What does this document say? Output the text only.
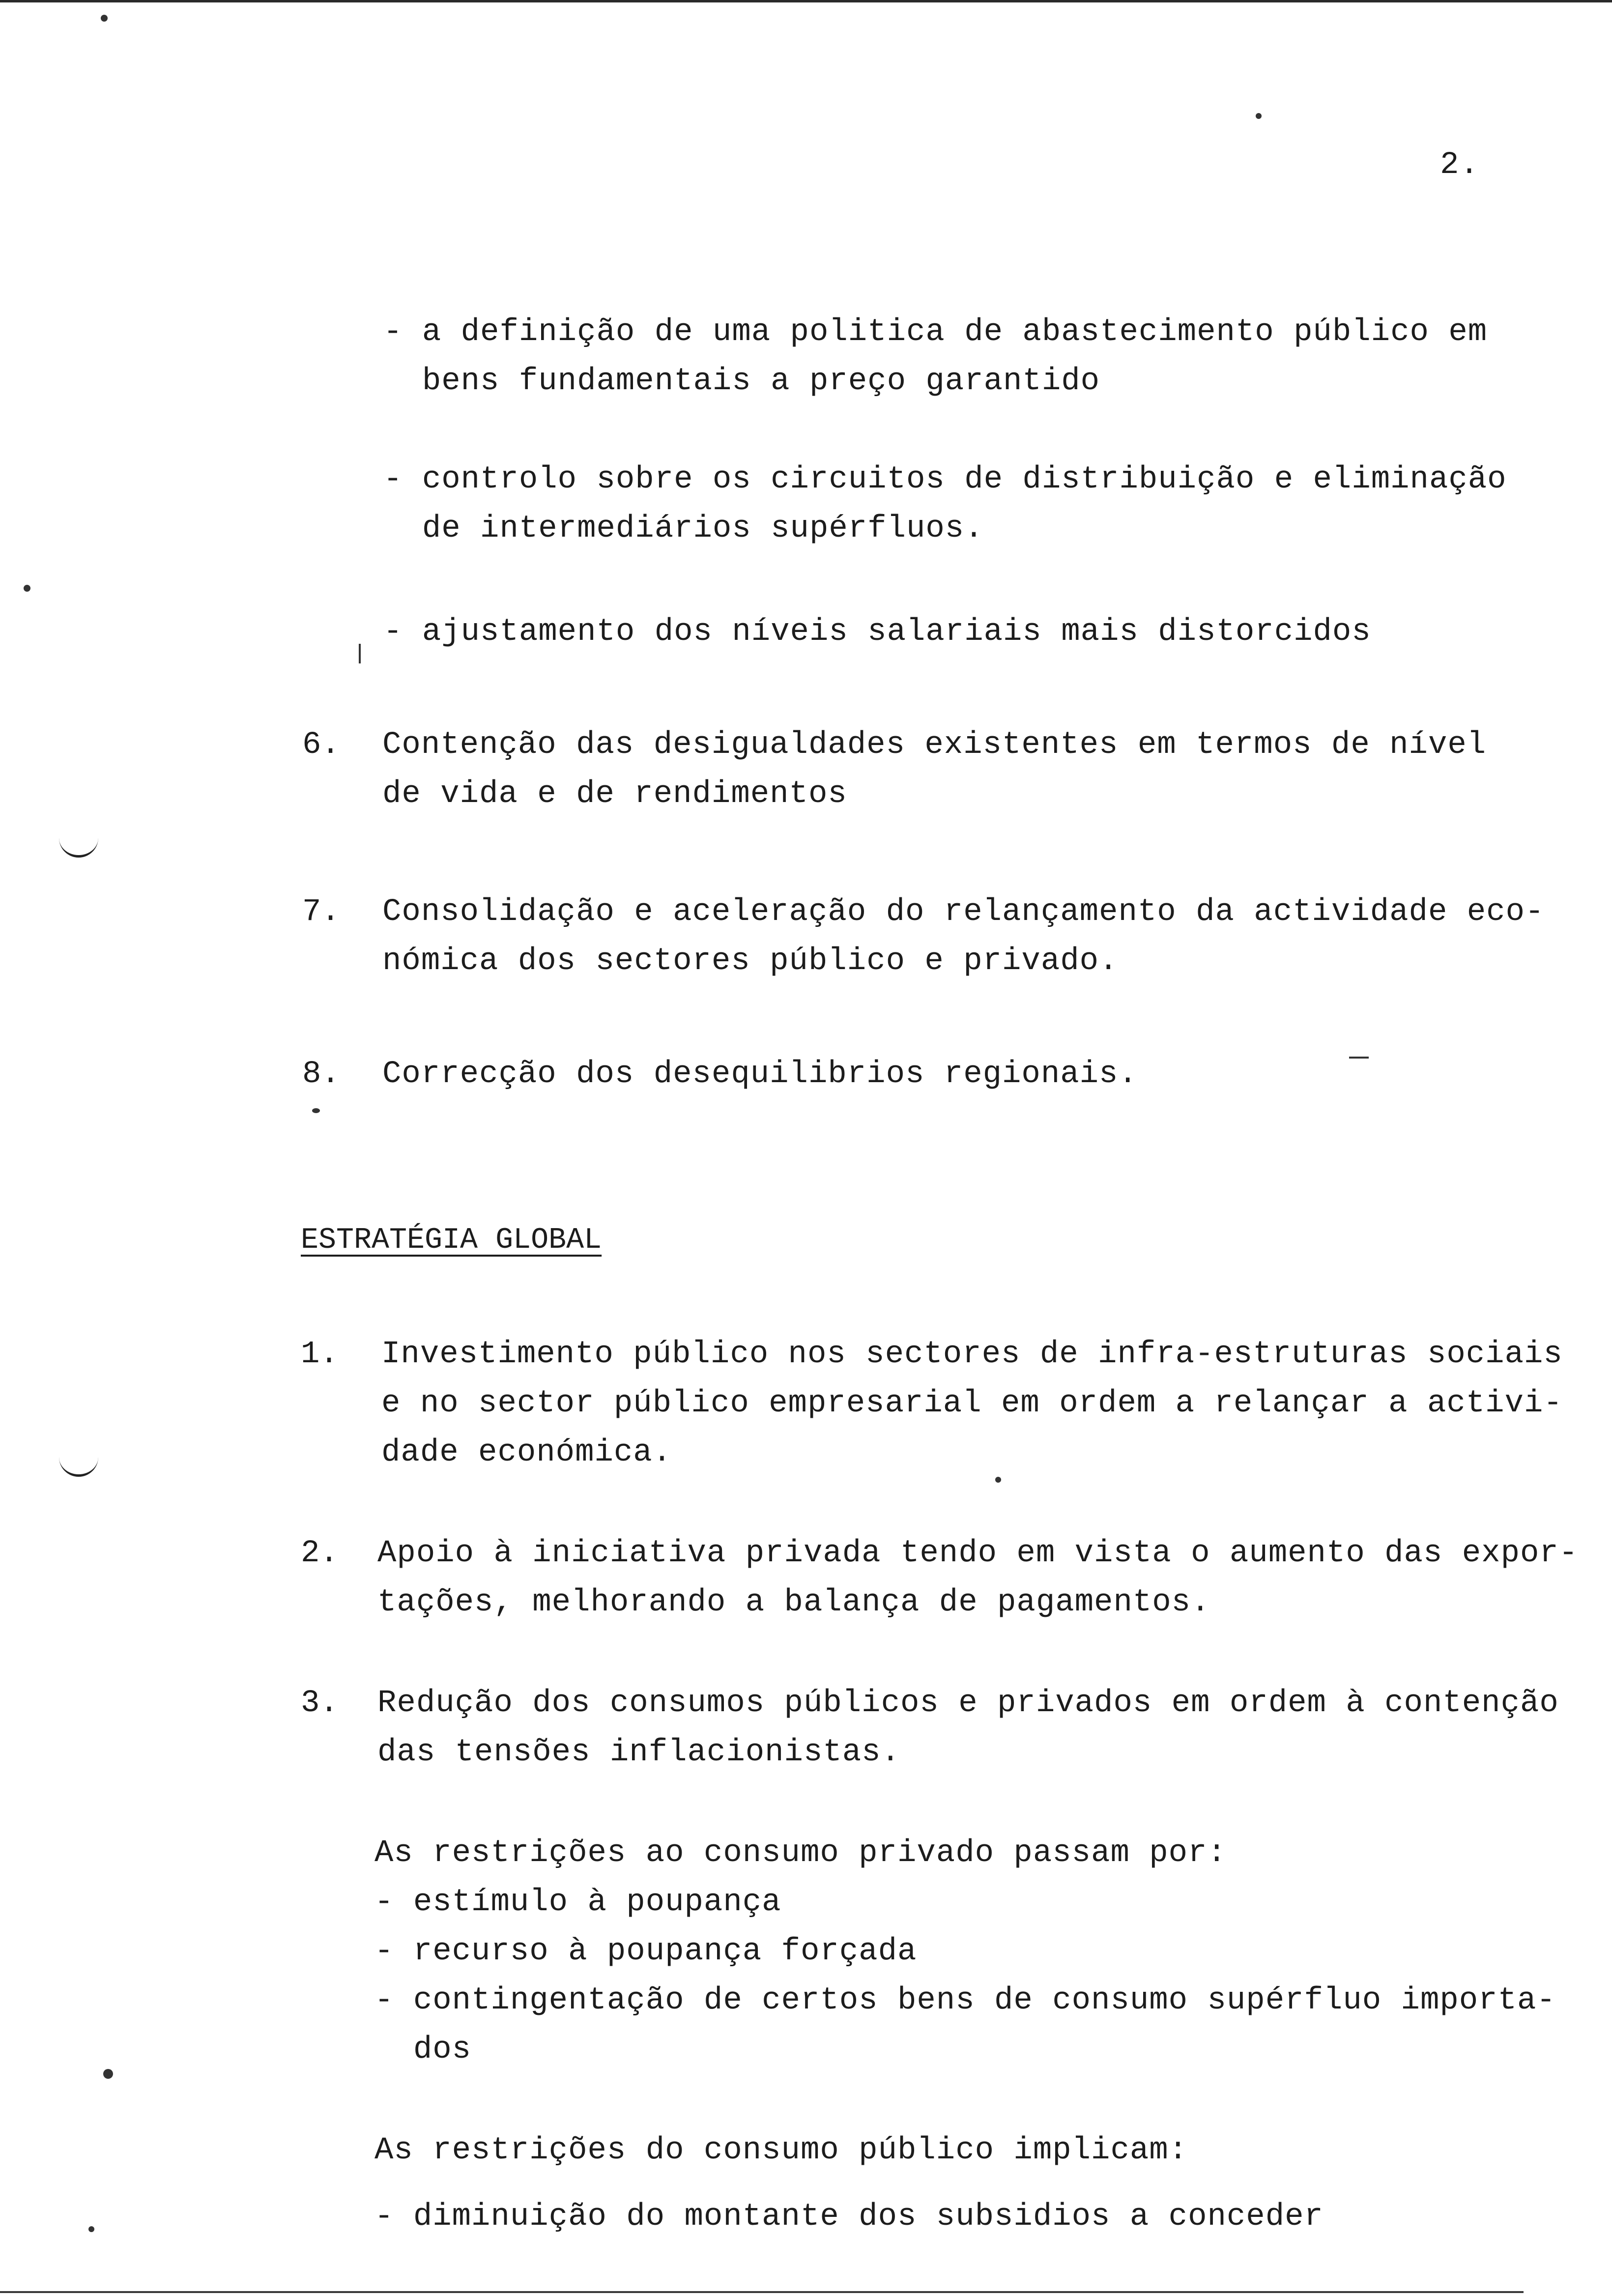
2.
- a definição de uma politica de abastecimento público em
bens fundamentais a preço garantido
- controlo sobre os circuitos de distribuição e eliminação
de intermediários supérfluos.
- ajustamento dos níveis salariais mais distorcidos
6. Contenção das desigualdades existentes em termos de nível
de vida e de rendimentos
7. Consolidação e aceleração do relançamento da actividade eco-
nómica dos sectores público e privado.
8. Correcção dos desequilibrios regionais.
ESTRATÉGIA GLOBAL
1. Investimento público nos sectores de infra-estruturas sociais
e no sector público empresarial em ordem a relançar a activi-
dade económica.
2. Apoio à iniciativa privada tendo em vista o aumento das expor-
tações, melhorando a balança de pagamentos.
3. Redução dos consumos públicos e privados em ordem à contenção
das tensões inflacionistas.
As restrições ao consumo privado passam por:
- estímulo à poupança
- recurso à poupança forçada
- contingentação de certos bens de consumo supérfluo importa-
dos
As restrições do consumo público implicam:
- diminuição do montante dos subsidios a conceder
